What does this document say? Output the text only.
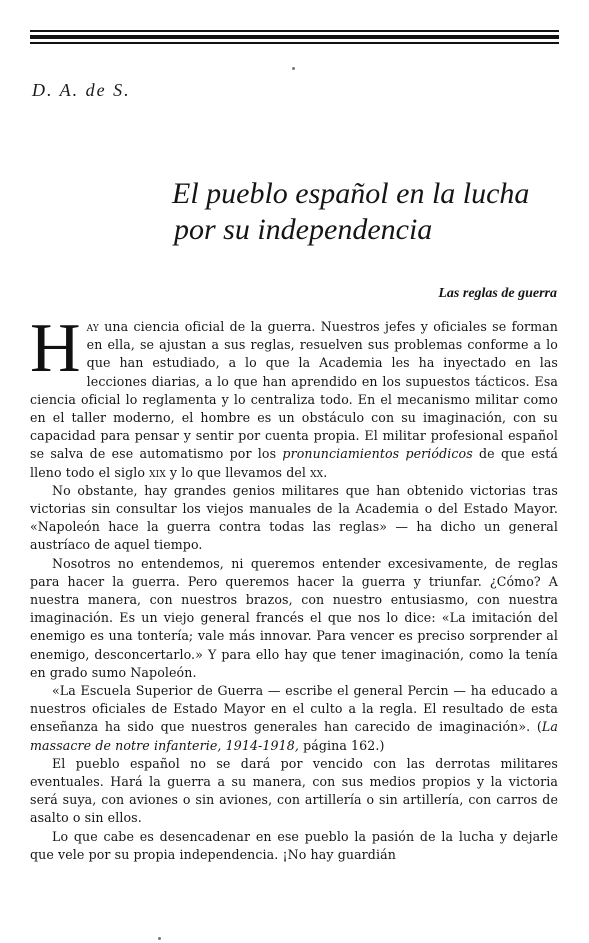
D. A. de S.
El pueblo español en la lucha
por su independencia
Las reglas de guerra

Hay una ciencia oficial de la guerra. Nuestros jefes y oficiales se forman en ella, se ajustan a sus reglas, resuelven sus problemas conforme a lo que han estudiado, a lo que la Academia les ha inyectado en las lecciones diarias, a lo que han aprendido en los supuestos tácticos. Esa ciencia oficial lo reglamenta y lo centraliza todo. En el mecanismo militar como en el taller moderno, el hombre es un obstáculo con su imaginación, con su capacidad para pensar y sentir por cuenta propia. El militar profesional español se salva de ese automatismo por los pronunciamientos periódicos de que está lleno todo el siglo xix y lo que llevamos del xx.

No obstante, hay grandes genios militares que han obtenido victorias tras victorias sin consultar los viejos manuales de la Academia o del Estado Mayor. «Napoleón hace la guerra contra todas las reglas» — ha dicho un general austríaco de aquel tiempo.

Nosotros no entendemos, ni queremos entender excesivamente, de reglas para hacer la guerra. Pero queremos hacer la guerra y triunfar. ¿Cómo? A nuestra manera, con nuestros brazos, con nuestro entusiasmo, con nuestra imaginación. Es un viejo general francés el que nos lo dice: «La imitación del enemigo es una tontería; vale más innovar. Para vencer es preciso sorprender al enemigo, desconcertarlo.» Y para ello hay que tener imaginación, como la tenía en grado sumo Napoleón.

«La Escuela Superior de Guerra — escribe el general Percin — ha educado a nuestros oficiales de Estado Mayor en el culto a la regla. El resultado de esta enseñanza ha sido que nuestros generales han carecido de imaginación». (La massacre de notre infanterie, 1914-1918, página 162.)

El pueblo español no se dará por vencido con las derrotas militares eventuales. Hará la guerra a su manera, con sus medios propios y la victoria será suya, con aviones o sin aviones, con artillería o sin artillería, con carros de asalto o sin ellos.

Lo que cabe es desencadenar en ese pueblo la pasión de la lucha y dejarle que vele por su propia independencia. ¡No hay guardián
